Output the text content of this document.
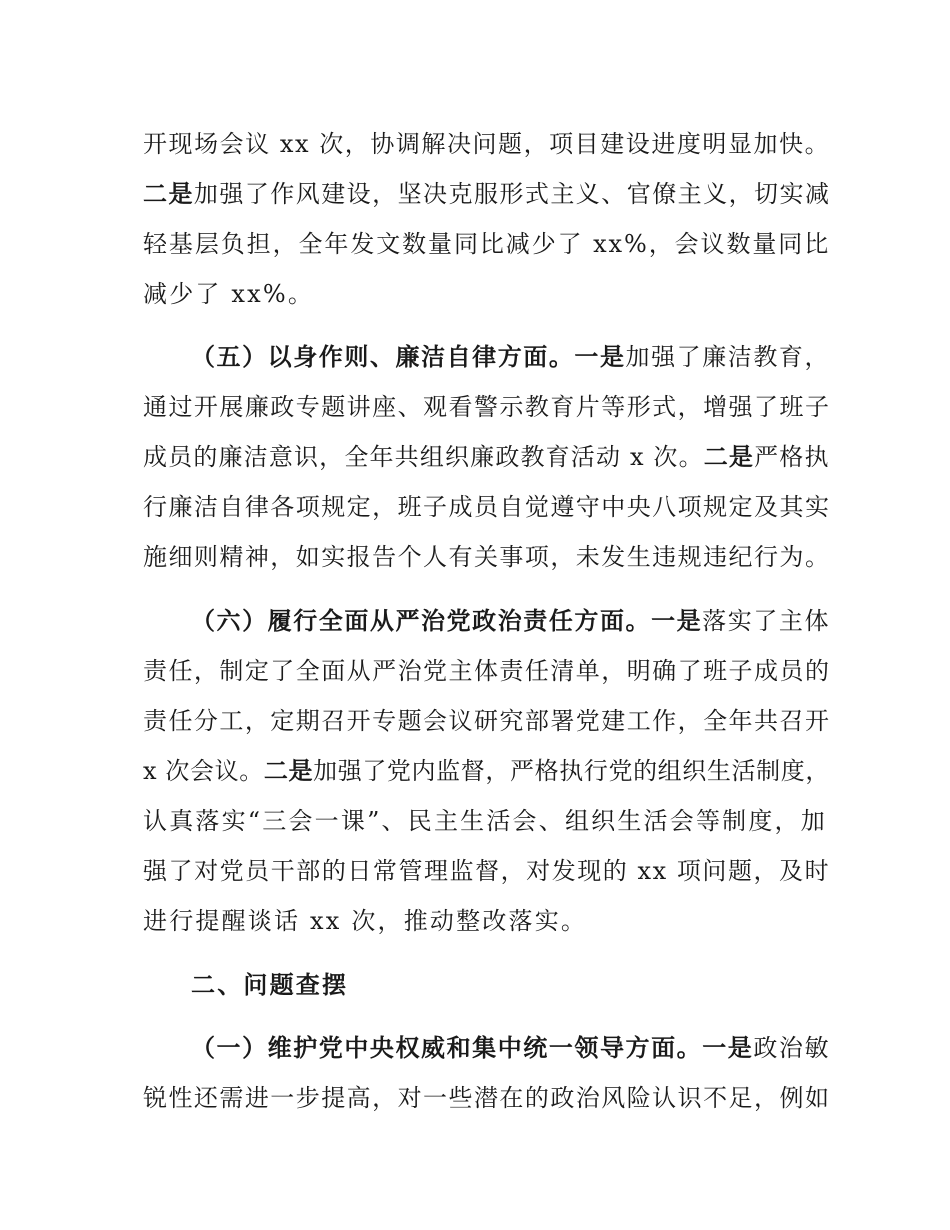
开现场会议 xx 次，协调解决问题，项目建设进度明显加快。
二是加强了作风建设，坚决克服形式主义、官僚主义，切实减
轻基层负担，全年发文数量同比减少了 xx%，会议数量同比
减少了 xx%。
（五）以身作则、廉洁自律方面。一是加强了廉洁教育，
通过开展廉政专题讲座、观看警示教育片等形式，增强了班子
成员的廉洁意识，全年共组织廉政教育活动 x 次。二是严格执
行廉洁自律各项规定，班子成员自觉遵守中央八项规定及其实
施细则精神，如实报告个人有关事项，未发生违规违纪行为。
（六）履行全面从严治党政治责任方面。一是落实了主体
责任，制定了全面从严治党主体责任清单，明确了班子成员的
责任分工，定期召开专题会议研究部署党建工作，全年共召开
x 次会议。二是加强了党内监督，严格执行党的组织生活制度，
认真落实“三会一课”、民主生活会、组织生活会等制度，加
强了对党员干部的日常管理监督，对发现的 xx 项问题，及时
进行提醒谈话 xx 次，推动整改落实。
二、问题查摆
（一）维护党中央权威和集中统一领导方面。一是政治敏
锐性还需进一步提高，对一些潜在的政治风险认识不足，例如
